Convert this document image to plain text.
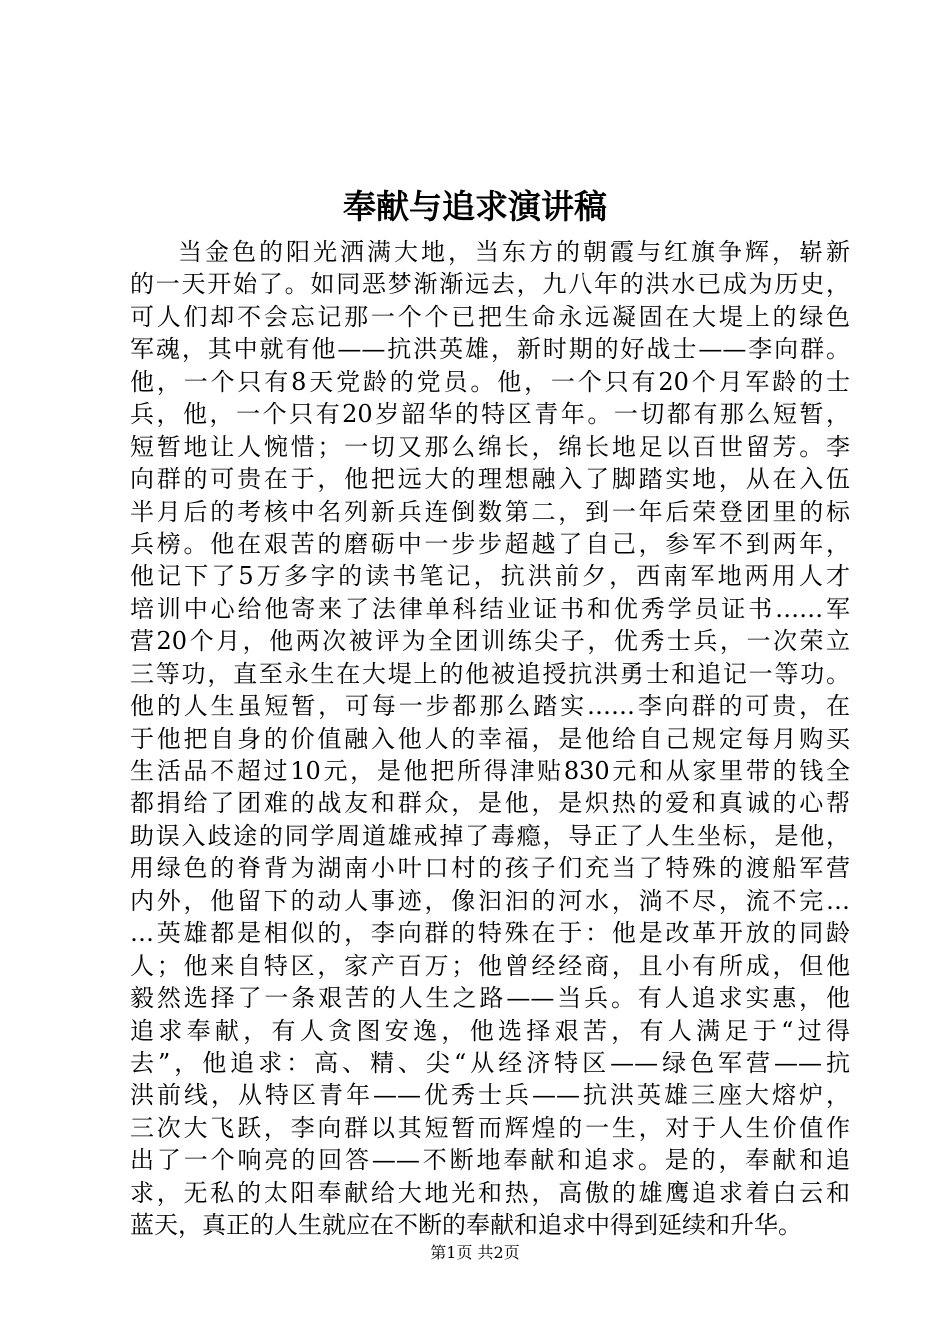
奉献与追求演讲稿
当金色的阳光洒满大地，当东方的朝霞与红旗争辉，崭新
的一天开始了。如同恶梦渐渐远去，九八年的洪水已成为历史，
可人们却不会忘记那一个个已把生命永远凝固在大堤上的绿色
军魂，其中就有他——抗洪英雄，新时期的好战士——李向群。
他，一个只有8天党龄的党员。他，一个只有20个月军龄的士
兵，他，一个只有20岁韶华的特区青年。一切都有那么短暂，
短暂地让人惋惜；一切又那么绵长，绵长地足以百世留芳。李
向群的可贵在于，他把远大的理想融入了脚踏实地，从在入伍
半月后的考核中名列新兵连倒数第二，到一年后荣登团里的标
兵榜。他在艰苦的磨砺中一步步超越了自己，参军不到两年，
他记下了5万多字的读书笔记，抗洪前夕，西南军地两用人才
培训中心给他寄来了法律单科结业证书和优秀学员证书……军
营20个月，他两次被评为全团训练尖子，优秀士兵，一次荣立
三等功，直至永生在大堤上的他被追授抗洪勇士和追记一等功。
他的人生虽短暂，可每一步都那么踏实……李向群的可贵，在
于他把自身的价值融入他人的幸福，是他给自己规定每月购买
生活品不超过10元，是他把所得津贴830元和从家里带的钱全
都捐给了团难的战友和群众，是他，是炽热的爱和真诚的心帮
助误入歧途的同学周道雄戒掉了毒瘾，导正了人生坐标，是他，
用绿色的脊背为湖南小叶口村的孩子们充当了特殊的渡船军营
内外，他留下的动人事迹，像汩汩的河水，淌不尽，流不完…
…英雄都是相似的，李向群的特殊在于：他是改革开放的同龄
人；他来自特区，家产百万；他曾经经商，且小有所成，但他
毅然选择了一条艰苦的人生之路——当兵。有人追求实惠，他
追求奉献，有人贪图安逸，他选择艰苦，有人满足于“过得
去”，他追求：高、精、尖“从经济特区——绿色军营——抗
洪前线，从特区青年——优秀士兵——抗洪英雄三座大熔炉，
三次大飞跃，李向群以其短暂而辉煌的一生，对于人生价值作
出了一个响亮的回答——不断地奉献和追求。是的，奉献和追
求，无私的太阳奉献给大地光和热，高傲的雄鹰追求着白云和
蓝天，真正的人生就应在不断的奉献和追求中得到延续和升华。
第1页 共2页
